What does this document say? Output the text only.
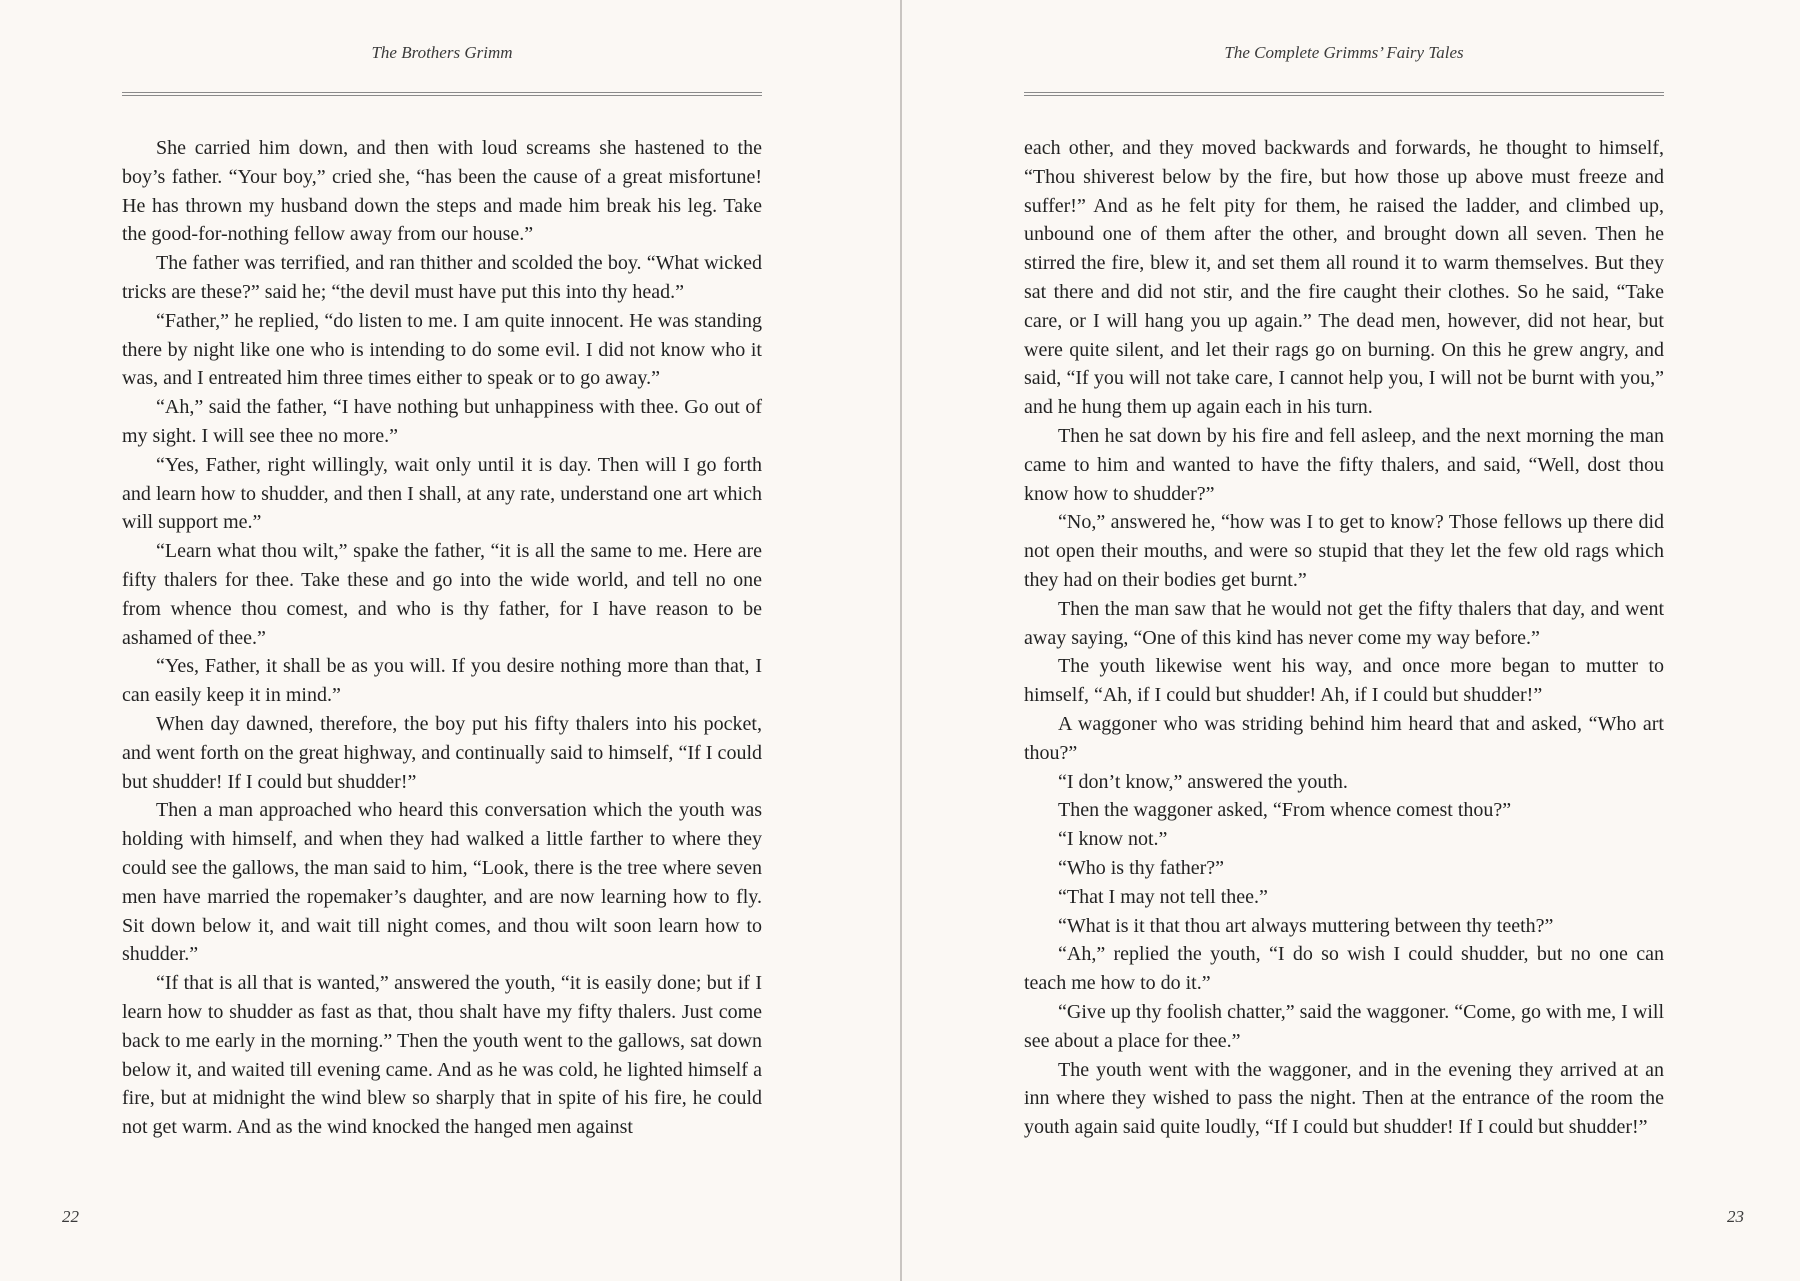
The Brothers Grimm

She carried him down, and then with loud screams she hastened to the boy’s father. “Your boy,” cried she, “has been the cause of a great misfortune! He has thrown my husband down the steps and made him break his leg. Take the good-for-nothing fellow away from our house.”

The father was terrified, and ran thither and scolded the boy. “What wicked tricks are these?” said he; “the devil must have put this into thy head.”

“Father,” he replied, “do listen to me. I am quite innocent. He was standing there by night like one who is intending to do some evil. I did not know who it was, and I entreated him three times either to speak or to go away.”

“Ah,” said the father, “I have nothing but unhappiness with thee. Go out of my sight. I will see thee no more.”

“Yes, Father, right willingly, wait only until it is day. Then will I go forth and learn how to shudder, and then I shall, at any rate, understand one art which will support me.”

“Learn what thou wilt,” spake the father, “it is all the same to me. Here are fifty thalers for thee. Take these and go into the wide world, and tell no one from whence thou comest, and who is thy father, for I have reason to be ashamed of thee.”

“Yes, Father, it shall be as you will. If you desire nothing more than that, I can easily keep it in mind.”

When day dawned, therefore, the boy put his fifty thalers into his pocket, and went forth on the great highway, and continually said to himself, “If I could but shudder! If I could but shudder!”

Then a man approached who heard this conversation which the youth was holding with himself, and when they had walked a little farther to where they could see the gallows, the man said to him, “Look, there is the tree where seven men have married the ropemaker’s daughter, and are now learning how to fly. Sit down below it, and wait till night comes, and thou wilt soon learn how to shudder.”

“If that is all that is wanted,” answered the youth, “it is easily done; but if I learn how to shudder as fast as that, thou shalt have my fifty thalers. Just come back to me early in the morning.” Then the youth went to the gallows, sat down below it, and waited till evening came. And as he was cold, he lighted himself a fire, but at midnight the wind blew so sharply that in spite of his fire, he could not get warm. And as the wind knocked the hanged men against

22
The Complete Grimms’ Fairy Tales

each other, and they moved backwards and forwards, he thought to himself, “Thou shiverest below by the fire, but how those up above must freeze and suffer!” And as he felt pity for them, he raised the ladder, and climbed up, unbound one of them after the other, and brought down all seven. Then he stirred the fire, blew it, and set them all round it to warm themselves. But they sat there and did not stir, and the fire caught their clothes. So he said, “Take care, or I will hang you up again.” The dead men, however, did not hear, but were quite silent, and let their rags go on burning. On this he grew angry, and said, “If you will not take care, I cannot help you, I will not be burnt with you,” and he hung them up again each in his turn.

Then he sat down by his fire and fell asleep, and the next morning the man came to him and wanted to have the fifty thalers, and said, “Well, dost thou know how to shudder?”

“No,” answered he, “how was I to get to know? Those fellows up there did not open their mouths, and were so stupid that they let the few old rags which they had on their bodies get burnt.”

Then the man saw that he would not get the fifty thalers that day, and went away saying, “One of this kind has never come my way before.”

The youth likewise went his way, and once more began to mutter to himself, “Ah, if I could but shudder! Ah, if I could but shudder!”

A waggoner who was striding behind him heard that and asked, “Who art thou?”

“I don’t know,” answered the youth.

Then the waggoner asked, “From whence comest thou?”

“I know not.”

“Who is thy father?”

“That I may not tell thee.”

“What is it that thou art always muttering between thy teeth?”

“Ah,” replied the youth, “I do so wish I could shudder, but no one can teach me how to do it.”

“Give up thy foolish chatter,” said the waggoner. “Come, go with me, I will see about a place for thee.”

The youth went with the waggoner, and in the evening they arrived at an inn where they wished to pass the night. Then at the entrance of the room the youth again said quite loudly, “If I could but shudder! If I could but shudder!”

23
